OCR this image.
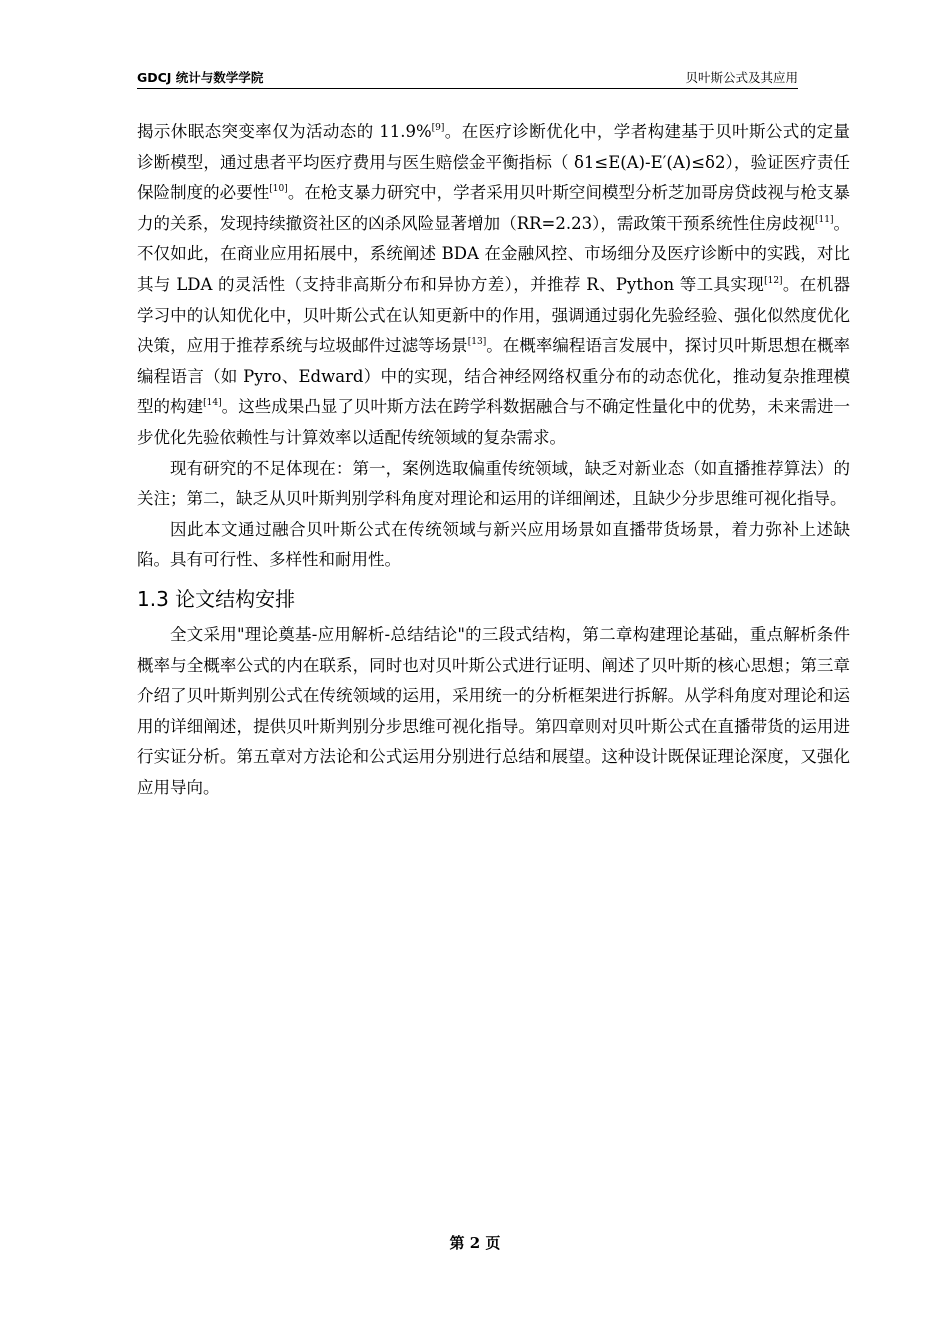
GDCJ 统计与数学学院	贝叶斯公式及其应用

揭示休眠态突变率仅为活动态的 11.9%[9]。在医疗诊断优化中，学者构建基于贝叶斯公式的定量诊断模型，通过患者平均医疗费用与医生赔偿金平衡指标（ δ1≤E(A)-E′(A)≤δ2），验证医疗责任保险制度的必要性[10]。在枪支暴力研究中，学者采用贝叶斯空间模型分析芝加哥房贷歧视与枪支暴力的关系，发现持续撤资社区的凶杀风险显著增加（RR=2.23），需政策干预系统性住房歧视[11]。不仅如此，在商业应用拓展中，系统阐述 BDA 在金融风控、市场细分及医疗诊断中的实践，对比其与 LDA 的灵活性（支持非高斯分布和异协方差），并推荐 R、Python 等工具实现[12]。在机器学习中的认知优化中，贝叶斯公式在认知更新中的作用，强调通过弱化先验经验、强化似然度优化决策，应用于推荐系统与垃圾邮件过滤等场景[13]。在概率编程语言发展中，探讨贝叶斯思想在概率编程语言（如 Pyro、Edward）中的实现，结合神经网络权重分布的动态优化，推动复杂推理模型的构建[14]。这些成果凸显了贝叶斯方法在跨学科数据融合与不确定性量化中的优势，未来需进一步优化先验依赖性与计算效率以适配传统领域的复杂需求。

现有研究的不足体现在：第一，案例选取偏重传统领域，缺乏对新业态（如直播推荐算法）的关注；第二，缺乏从贝叶斯判别学科角度对理论和运用的详细阐述，且缺少分步思维可视化指导。

因此本文通过融合贝叶斯公式在传统领域与新兴应用场景如直播带货场景，着力弥补上述缺陷。具有可行性、多样性和耐用性。

1.3 论文结构安排

全文采用"理论奠基-应用解析-总结结论"的三段式结构，第二章构建理论基础，重点解析条件概率与全概率公式的内在联系，同时也对贝叶斯公式进行证明、阐述了贝叶斯的核心思想；第三章介绍了贝叶斯判别公式在传统领域的运用，采用统一的分析框架进行拆解。从学科角度对理论和运用的详细阐述，提供贝叶斯判别分步思维可视化指导。第四章则对贝叶斯公式在直播带货的运用进行实证分析。第五章对方法论和公式运用分别进行总结和展望。这种设计既保证理论深度，又强化应用导向。

第 2 页
